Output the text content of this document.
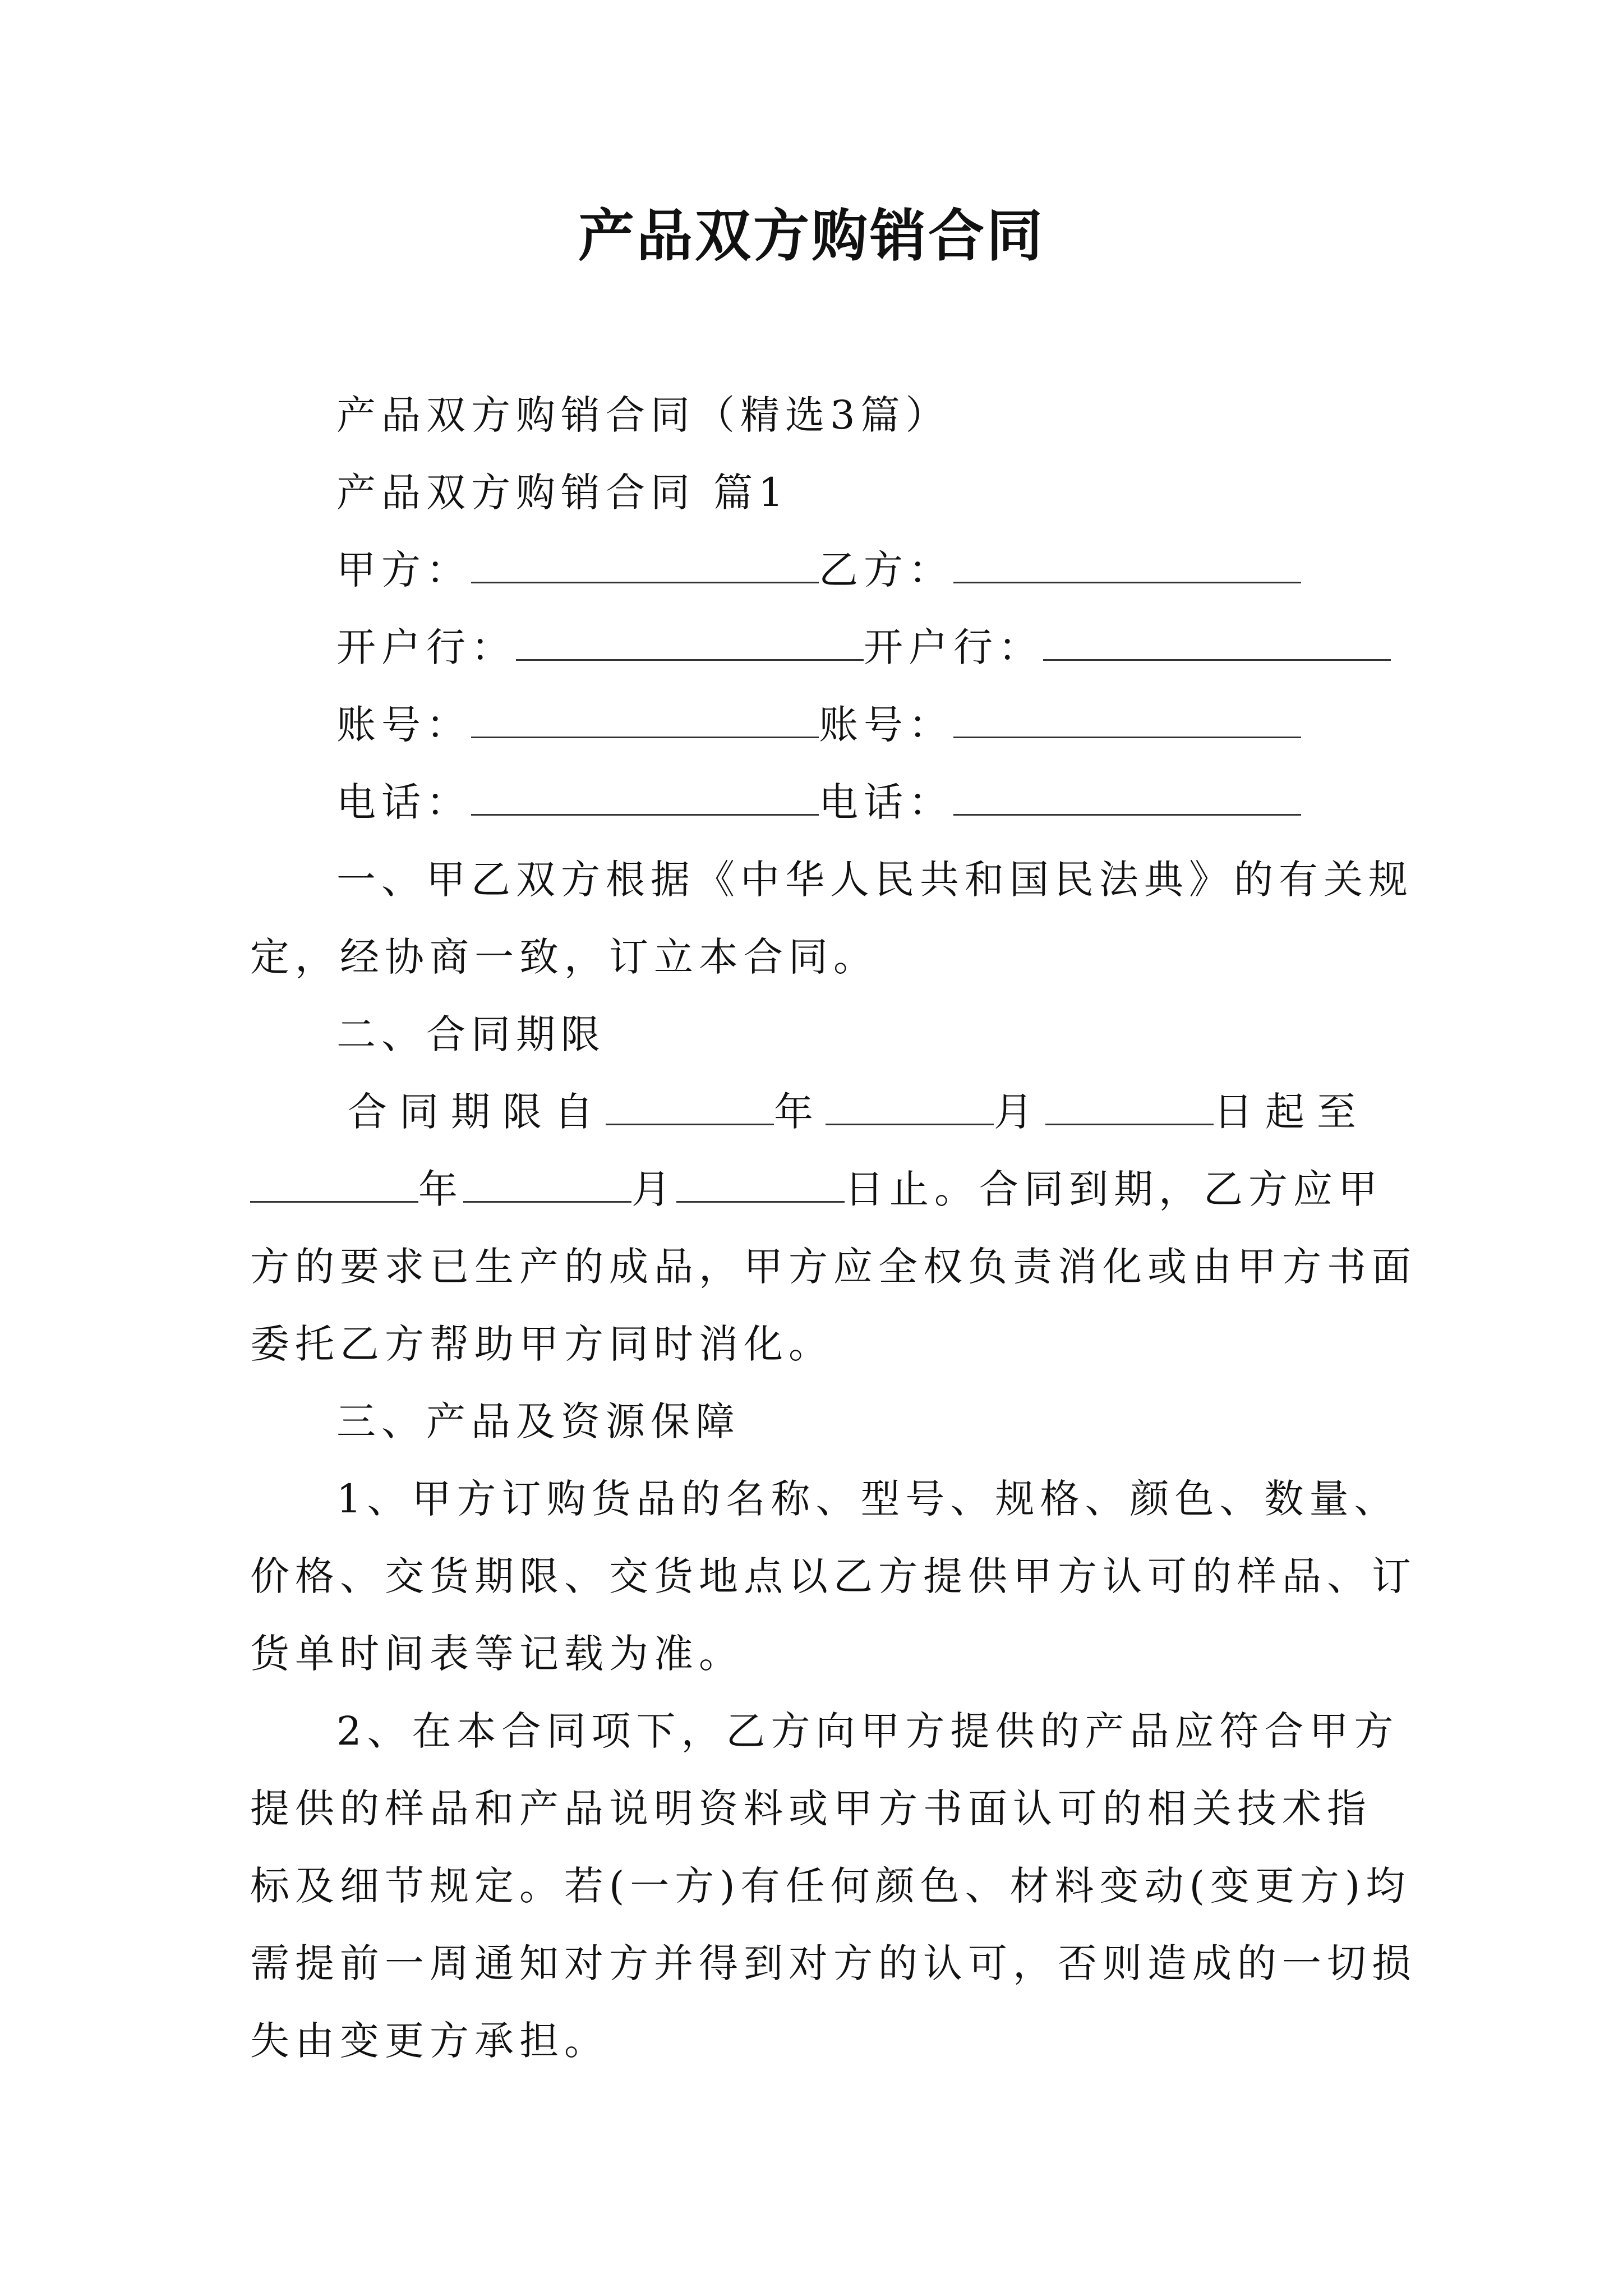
产品双方购销合同
产品双方购销合同（精选3篇）
产品双方购销合同 篇1
甲方：	乙方：
开户行：	开户行：
账号：	账号：
电话：	电话：
一、甲乙双方根据《中华人民共和国民法典》的有关规
定，经协商一致，订立本合同。
二、合同期限
合同期限自	年	月	日起至
年	月	日止。合同到期，乙方应甲
方的要求已生产的成品，甲方应全权负责消化或由甲方书面
委托乙方帮助甲方同时消化。
三、产品及资源保障
1、甲方订购货品的名称、型号、规格、颜色、数量、
价格、交货期限、交货地点以乙方提供甲方认可的样品、订
货单时间表等记载为准。
2、在本合同项下，乙方向甲方提供的产品应符合甲方
提供的样品和产品说明资料或甲方书面认可的相关技术指
标及细节规定。若(一方)有任何颜色、材料变动(变更方)均
需提前一周通知对方并得到对方的认可，否则造成的一切损
失由变更方承担。
